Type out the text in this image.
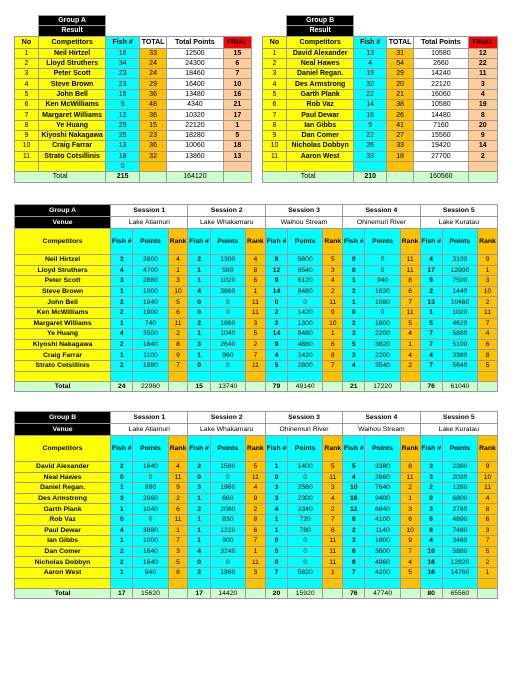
	Group A				
	Result				
No	Competitors	Fish #	TOTAL	Total Points	FINAL
1	Neil Hirtzel	16	33	12500	15
2	Lloyd Struthers	34	24	24300	6
3	Peter Scott	23	24	18460	7
4	Steve Brown	23	29	16400	10
5	John Bell	16	36	13480	16
6	Ken McWilliams	5	48	4340	21
7	Margaret Williams	12	36	10320	17
8	Ye Huang	29	15	22120	1
9	Kiyoshi Nakagawa	25	23	18280	5
10	Craig Farrar	13	36	10060	18
11	Strato Cotsillinis	18	32	13860	13
		0			
Total		215		164120	
	Group B				
	Result				
No	Competitors	Fish #	TOTAL	Total Points	FINAL
1	David Alexander	13	31	10580	12
2	Neal Hawes	4	54	2660	22
3	Daniel Regan.	19	29	14240	11
4	Des Armstrong	32	20	22120	3
5	Garth Plank	22	21	16060	4
6	Rob Vaz	14	38	10580	19
7	Paul Dewar	16	26	14480	8
8	Ian Gibbs	9	41	7160	20
9	Dan Comer	22	27	15560	9
10	Nicholas Dobbyn	26	33	19420	14
11	Aaron West	33	18	27700	2

Total		210		160560	
Group A	Session 1			Session 2			Session 3			Session 4			Session 5		
Venue	Lake Atiamuri			Lake Whakamaru			Waihou Stream			Ohinemuri River			Lake Kuratau		
Competitors	Fish #	Points	Rank	Fish #	Points	Rank	Fish #	Points	Rank	Fish #	Points	Rank	Fish #	Points	Rank
Neil Hirtzel	2	2800	4	2	1300	4	8	5600	5	0	0	11	4	3100	9
Lloyd Struthers	4	4700	1	1	580	8	12	6540	3	0	0	11	17	12900	1
Peter Scott	3	2880	3	1	1020	6	9	6120	4	1	940	8	9	7500	3
Steve Brown	1	1000	10	4	3860	1	14	8480	2	2	1620	6	2	1440	10
John Bell	2	1940	5	0	0	11	0	0	11	1	1080	7	13	10460	2
Ken McWilliams	2	1900	6	0	0	11	2	1420	9	0	0	11	1	1020	11
Margaret Williams	1	740	11	2	1860	3	2	1300	10	2	1800	5	5	4620	7
Ye Huang	4	3500	2	1	1040	5	14	9480	1	3	2200	4	7	5880	4
Kiyoshi Nakagawa	2	1840	8	3	2640	2	9	4880	6	5	3820	1	7	5100	6
Craig Farrar	1	1100	9	1	960	7	4	2420	8	3	2200	4	4	3380	8
Strato Cotsillinis	2	1880	7	0	0	11	5	2800	7	4	3540	2	7	5640	5

Total	24	22960		15	13740		79	49140		21	17220		76	61040	
Group B	Session 1			Session 2			Session 3			Session 4			Session 5		
Venue	Lake Atiamuri			Lake Whakamaru			Ohinemuri River			Waihou Stream			Lake Kuratau		
Competitors	Fish #	Points	Rank	Fish #	Points	Rank	Fish #	Points	Rank	Fish #	Points	Rank	Fish #	Points	Rank
David Alexander	2	1840	4	2	1580	5	1	1400	5	5	3380	8	3	2380	9
Neal Hawes	0	0	11	0	0	11	0	0	11	4	2660	11	3	2030	10
Daniel Regan.	1	890	9	3	1980	4	3	2560	3	10	7640	2	2	1280	11
Des Armstrong	3	2960	2	1	660	9	3	2300	4	16	9400	1	9	6800	4
Garth Plank	1	1040	6	2	2080	2	4	3340	2	12	6840	3	3	2760	8
Rob Vaz	0	0	11	1	830	8	1	720	7	6	4100	6	6	4890	6
Paul Dewar	4	3880	1	1	1220	6	1	780	6	2	1140	10	8	7480	3
Ian Gibbs	1	1000	7	1	900	7	0	0	11	3	1800	9	4	3460	7
Dan Comer	2	1640	3	4	3240	1	0	0	11	6	3600	7	10	5880	5
Nicholas Dobbyn	2	1640	5	0	0	11	0	0	11	8	4960	4	16	12820	2
Aaron West	1	940	8	2	1980	3	7	5820	1	7	4200	5	16	14760	1

Total	17	15620		17	14420		20	15920		76	47740		80	65560	
